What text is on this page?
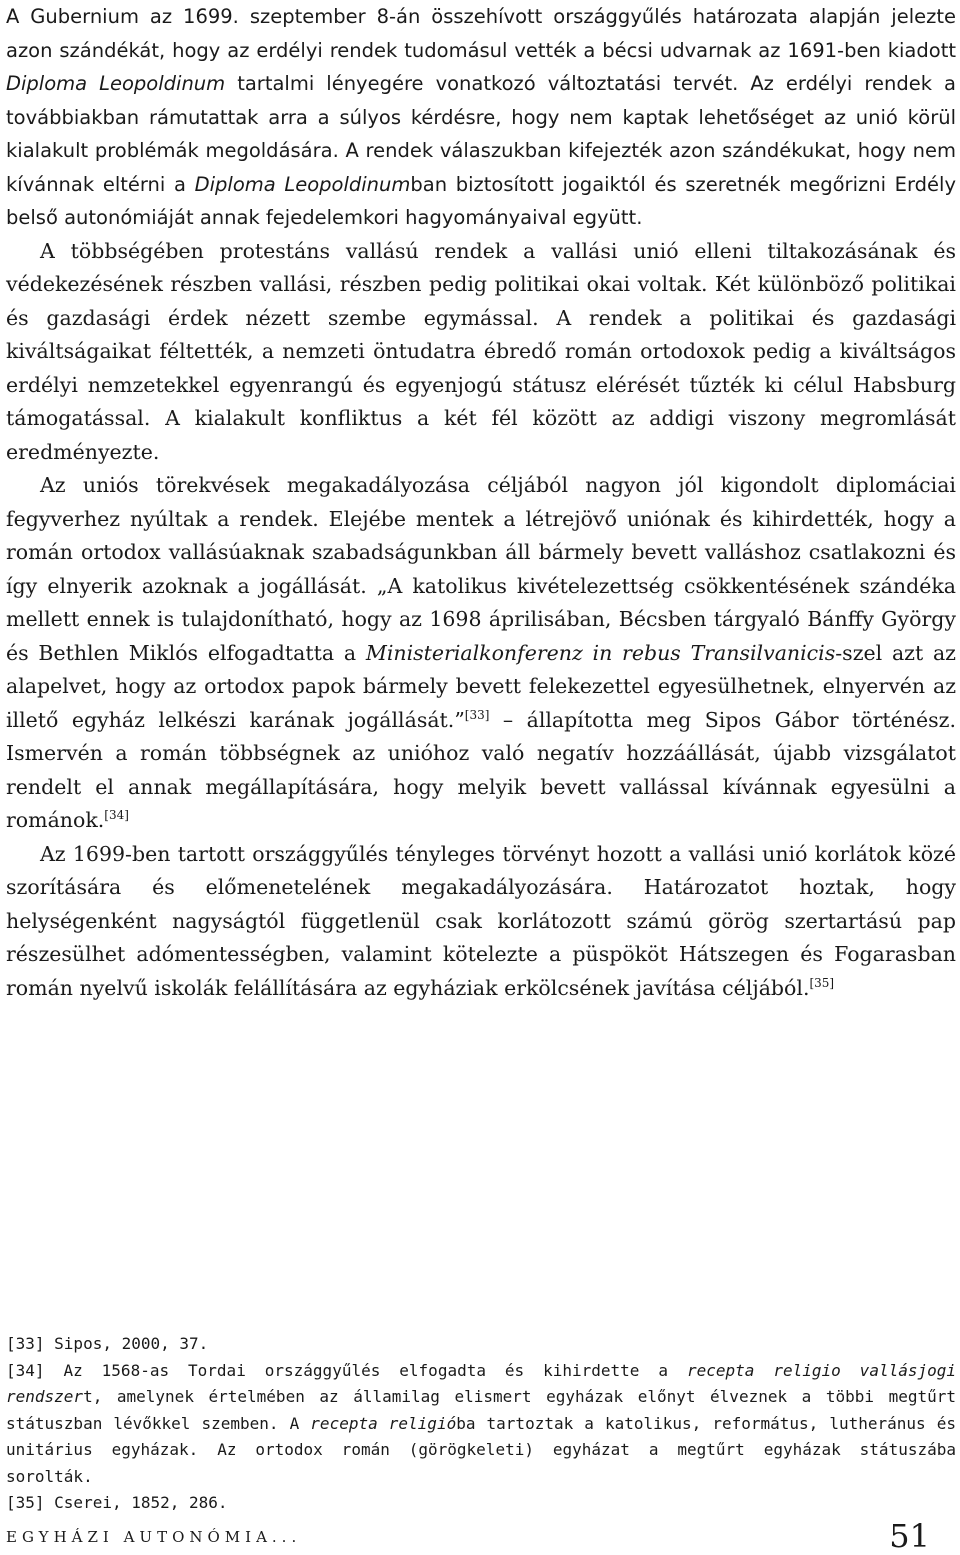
A Gubernium az 1699. szeptember 8-án összehívott országgyűlés határozata alapján jelezte azon szándékát, hogy az erdélyi rendek tudomásul vették a bécsi udvarnak az 1691-ben kiadott Diploma Leopoldinum tartalmi lényegére vonatkozó változtatási tervét. Az erdélyi rendek a továbbiakban rámutattak arra a súlyos kérdésre, hogy nem kaptak lehetőséget az unió körül kialakult problémák megoldására. A rendek válaszukban kifejezték azon szándékukat, hogy nem kívánnak eltérni a Diploma Leopoldinumban biztosított jogaiktól és szeretnék megőrizni Erdély belső autonómiáját annak fejedelemkori hagyományaival együtt.

A többségében protestáns vallású rendek a vallási unió elleni tiltakozásának és védekezésének részben vallási, részben pedig politikai okai voltak. Két különböző politikai és gazdasági érdek nézett szembe egymással. A rendek a politikai és gazdasági kiváltságaikat féltették, a nemzeti öntudatra ébredő román ortodoxok pedig a kiváltságos erdélyi nemzetekkel egyenrangú és egyenjogú státusz elérését tűzték ki célul Habsburg támogatással. A kialakult konfliktus a két fél között az addigi viszony megromlását eredményezte.

Az uniós törekvések megakadályozása céljából nagyon jól kigondolt diplomáciai fegyverhez nyúltak a rendek. Elejébe mentek a létrejövő uniónak és kihirdették, hogy a román ortodox vallásúaknak szabadságunkban áll bármely bevett valláshoz csatlakozni és így elnyerik azoknak a jogállását. „A katolikus kivételezettség csökkentésének szándéka mellett ennek is tulajdonítható, hogy az 1698 áprilisában, Bécsben tárgyaló Bánffy György és Bethlen Miklós elfogadtatta a Ministerialkonferenz in rebus Transilvanicis-szel azt az alapelvet, hogy az ortodox papok bármely bevett felekezettel egyesülhetnek, elnyervén az illető egyház lelkészi karának jogállását.”[33] – állapította meg Sipos Gábor történész. Ismervén a román többségnek az unióhoz való negatív hozzáállását, újabb vizsgálatot rendelt el annak megállapítására, hogy melyik bevett vallással kívánnak egyesülni a románok.[34]

Az 1699-ben tartott országgyűlés tényleges törvényt hozott a vallási unió korlátok közé szorítására és előmenetelének megakadályozására. Határozatot hoztak, hogy helységenként nagyságtól függetlenül csak korlátozott számú görög szertartású pap részesülhet adómentességben, valamint kötelezte a püspököt Hátszegen és Fogarasban román nyelvű iskolák felállítására az egyháziak erkölcsének javítása céljából.[35]

[33] Sipos, 2000, 37.

[34] Az 1568-as Tordai országgyűlés elfogadta és kihirdette a recepta religio vallásjogi rendszert, amelynek értelmében az államilag elismert egyházak előnyt élveznek a többi megtűrt státuszban lévőkkel szemben. A recepta religióba tartoztak a katolikus, református, lutheránus és unitárius egyházak. Az ortodox román (görögkeleti) egyházat a megtűrt egyházak státuszába sorolták.

[35] Cserei, 1852, 286.

EGYHÁZI AUTONÓMIA...	51
